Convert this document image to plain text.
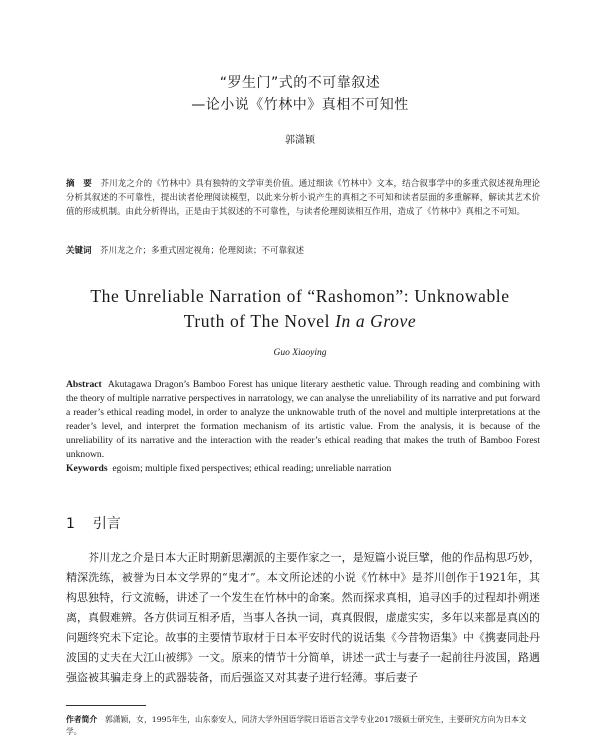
“罗生门”式的不可靠叙述
—论小说《竹林中》真相不可知性
郭潇颖
摘　要　 芥川龙之介的《竹林中》具有独特的文学审美价值。通过细读《竹林中》文本，结合叙事学中的多重式叙述视角理论分析其叙述的不可靠性，提出读者伦理阅读模型，以此来分析小说产生的真相之不可知和读者层面的多重解释，解读其艺术价值的形成机制。由此分析得出，正是由于其叙述的不可靠性，与读者伦理阅读相互作用，造成了《竹林中》真相之不可知。
关键词　 芥川龙之介；多重式固定视角；伦理阅读；不可靠叙述
The Unreliable Narration of “Rashomon”: Unknowable
Truth of The Novel In a Grove
Guo Xiaoying
Abstract Akutagawa Dragon’s Bamboo Forest has unique literary aesthetic value. Through reading and combining with the theory of multiple narrative perspectives in narratology, we can analyse the unreliability of its narrative and put forward a reader’s ethical reading model, in order to analyze the unknowable truth of the novel and multiple interpretations at the reader’s level, and interpret the formation mechanism of its artistic value. From the analysis, it is because of the unreliability of its narrative and the interaction with the reader’s ethical reading that makes the truth of Bamboo Forest unknown.
Keywords egoism; multiple fixed perspectives; ethical reading; unreliable narration
1 引言
芥川龙之介是日本大正时期新思潮派的主要作家之一，是短篇小说巨擘，他的作品构思巧妙，精深洗练，被誉为日本文学界的“鬼才”。本文所论述的小说《竹林中》是芥川创作于1921年，其构思独特，行文流畅，讲述了一个发生在竹林中的命案。然而探求真相，追寻凶手的过程却扑朔迷离，真假难辨。各方供词互相矛盾，当事人各执一词，真真假假，虚虚实实，多年以来都是真凶的问题终究未下定论。故事的主要情节取材于日本平安时代的说话集《今昔物语集》中《携妻同赴丹波国的丈夫在大江山被绑》一文。原来的情节十分简单，讲述一武士与妻子一起前往丹波国，路遇强盗被其骗走身上的武器装备，而后强盗又对其妻子进行轻薄。事后妻子
作者简介　 郭潇颖，女，1995年生，山东泰安人，同济大学外国语学院日语语言文学专业2017级硕士研究生，主要研究方向为日本文学。
